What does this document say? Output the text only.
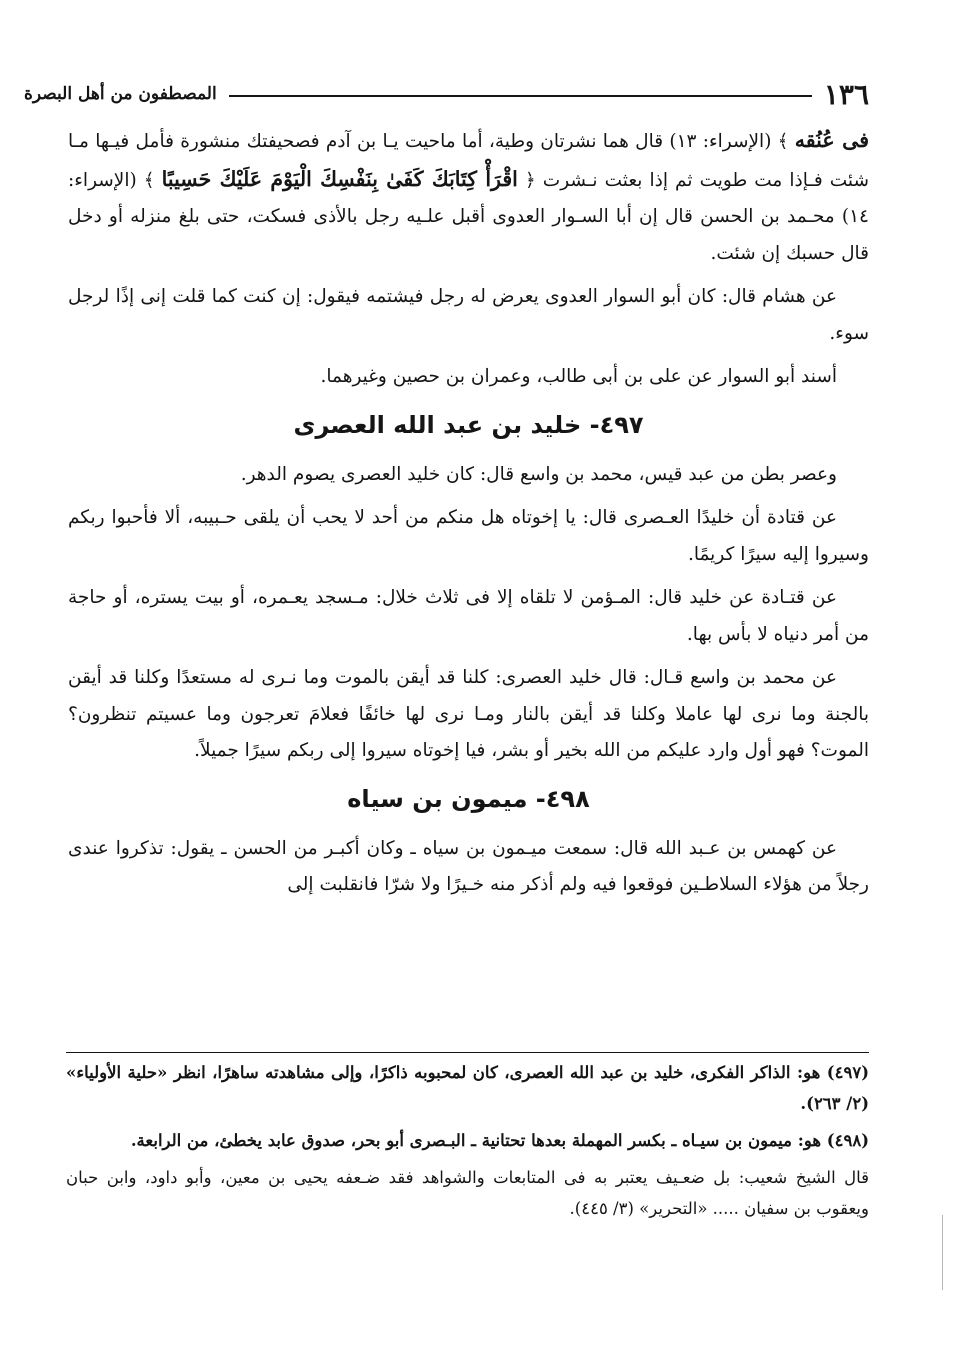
١٣٦
المصطفون من أهل البصرة

فى عُنُقه ﴾ (الإسراء: ١٣) قال هما نشرتان وطية، أما ماحيت يـا بن آدم فصحيفتك منشورة فأمل فيـها مـا شئت فـإذا مت طويت ثم إذا بعثت نـشرت ﴿ اقْرَأْ كِتَابَكَ كَفَىٰ بِنَفْسِكَ الْيَوْمَ عَلَيْكَ حَسِيبًا ﴾ (الإسراء: ١٤) محـمد بن الحسن قال إن أبا السـوار العدوى أقبل علـيه رجل بالأذى فسكت، حتى بلغ منزله أو دخل قال حسبك إن شئت.

عن هشام قال: كان أبو السوار العدوى يعرض له رجل فيشتمه فيقول: إن كنت كما قلت إنى إذًا لرجل سوء.

أسند أبو السوار عن على بن أبى طالب، وعمران بن حصين وغيرهما.

٤٩٧- خليد بن عبد الله العصرى

وعصر بطن من عبد قيس، محمد بن واسع قال: كان خليد العصرى يصوم الدهر.

عن قتادة أن خليدًا العـصرى قال: يا إخوتاه هل منكم من أحد لا يحب أن يلقى حـبيبه، ألا فأحبوا ربكم وسيروا إليه سيرًا كريمًا.

عن قتـادة عن خليد قال: المـؤمن لا تلقاه إلا فى ثلاث خلال: مـسجد يعـمره، أو بيت يستره، أو حاجة من أمر دنياه لا بأس بها.

عن محمد بن واسع قـال: قال خليد العصرى: كلنا قد أيقن بالموت وما نـرى له مستعدًا وكلنا قد أيقن بالجنة وما نرى لها عاملا وكلنا قد أيقن بالنار ومـا نرى لها خائفًا فعلامَ تعرجون وما عسيتم تنظرون؟ الموت؟ فهو أول وارد عليكم من الله بخير أو بشر، فيا إخوتاه سيروا إلى ربكم سيرًا جميلاً.

٤٩٨- ميمون بن سياه

عن كهمس بن عـبد الله قال: سمعت ميـمون بن سياه ـ وكان أكبـر من الحسن ـ يقول: تذكروا عندى رجلاً من هؤلاء السلاطـين فوقعوا فيه ولم أذكر منه خـيرًا ولا شرّا فانقلبت إلى

(٤٩٧) هو: الذاكر الفكرى، خليد بن عبد الله العصرى، كان لمحبوبه ذاكرًا، وإلى مشاهدته ساهرًا، انظر «حلية الأولياء» (٢/ ٢٦٣).

(٤٩٨) هو: ميمون بن سيـاه ـ بكسر المهملة بعدها تحتانية ـ البـصرى أبو بحر، صدوق عابد يخطئ، من الرابعة.

قال الشيخ شعيب: بل ضعـيف يعتبر به فى المتابعات والشواهد فقد ضـعفه يحيى بن معين، وأبو داود، وابن حبان ويعقوب بن سفيان ..... «التحرير» (٣/ ٤٤٥).
